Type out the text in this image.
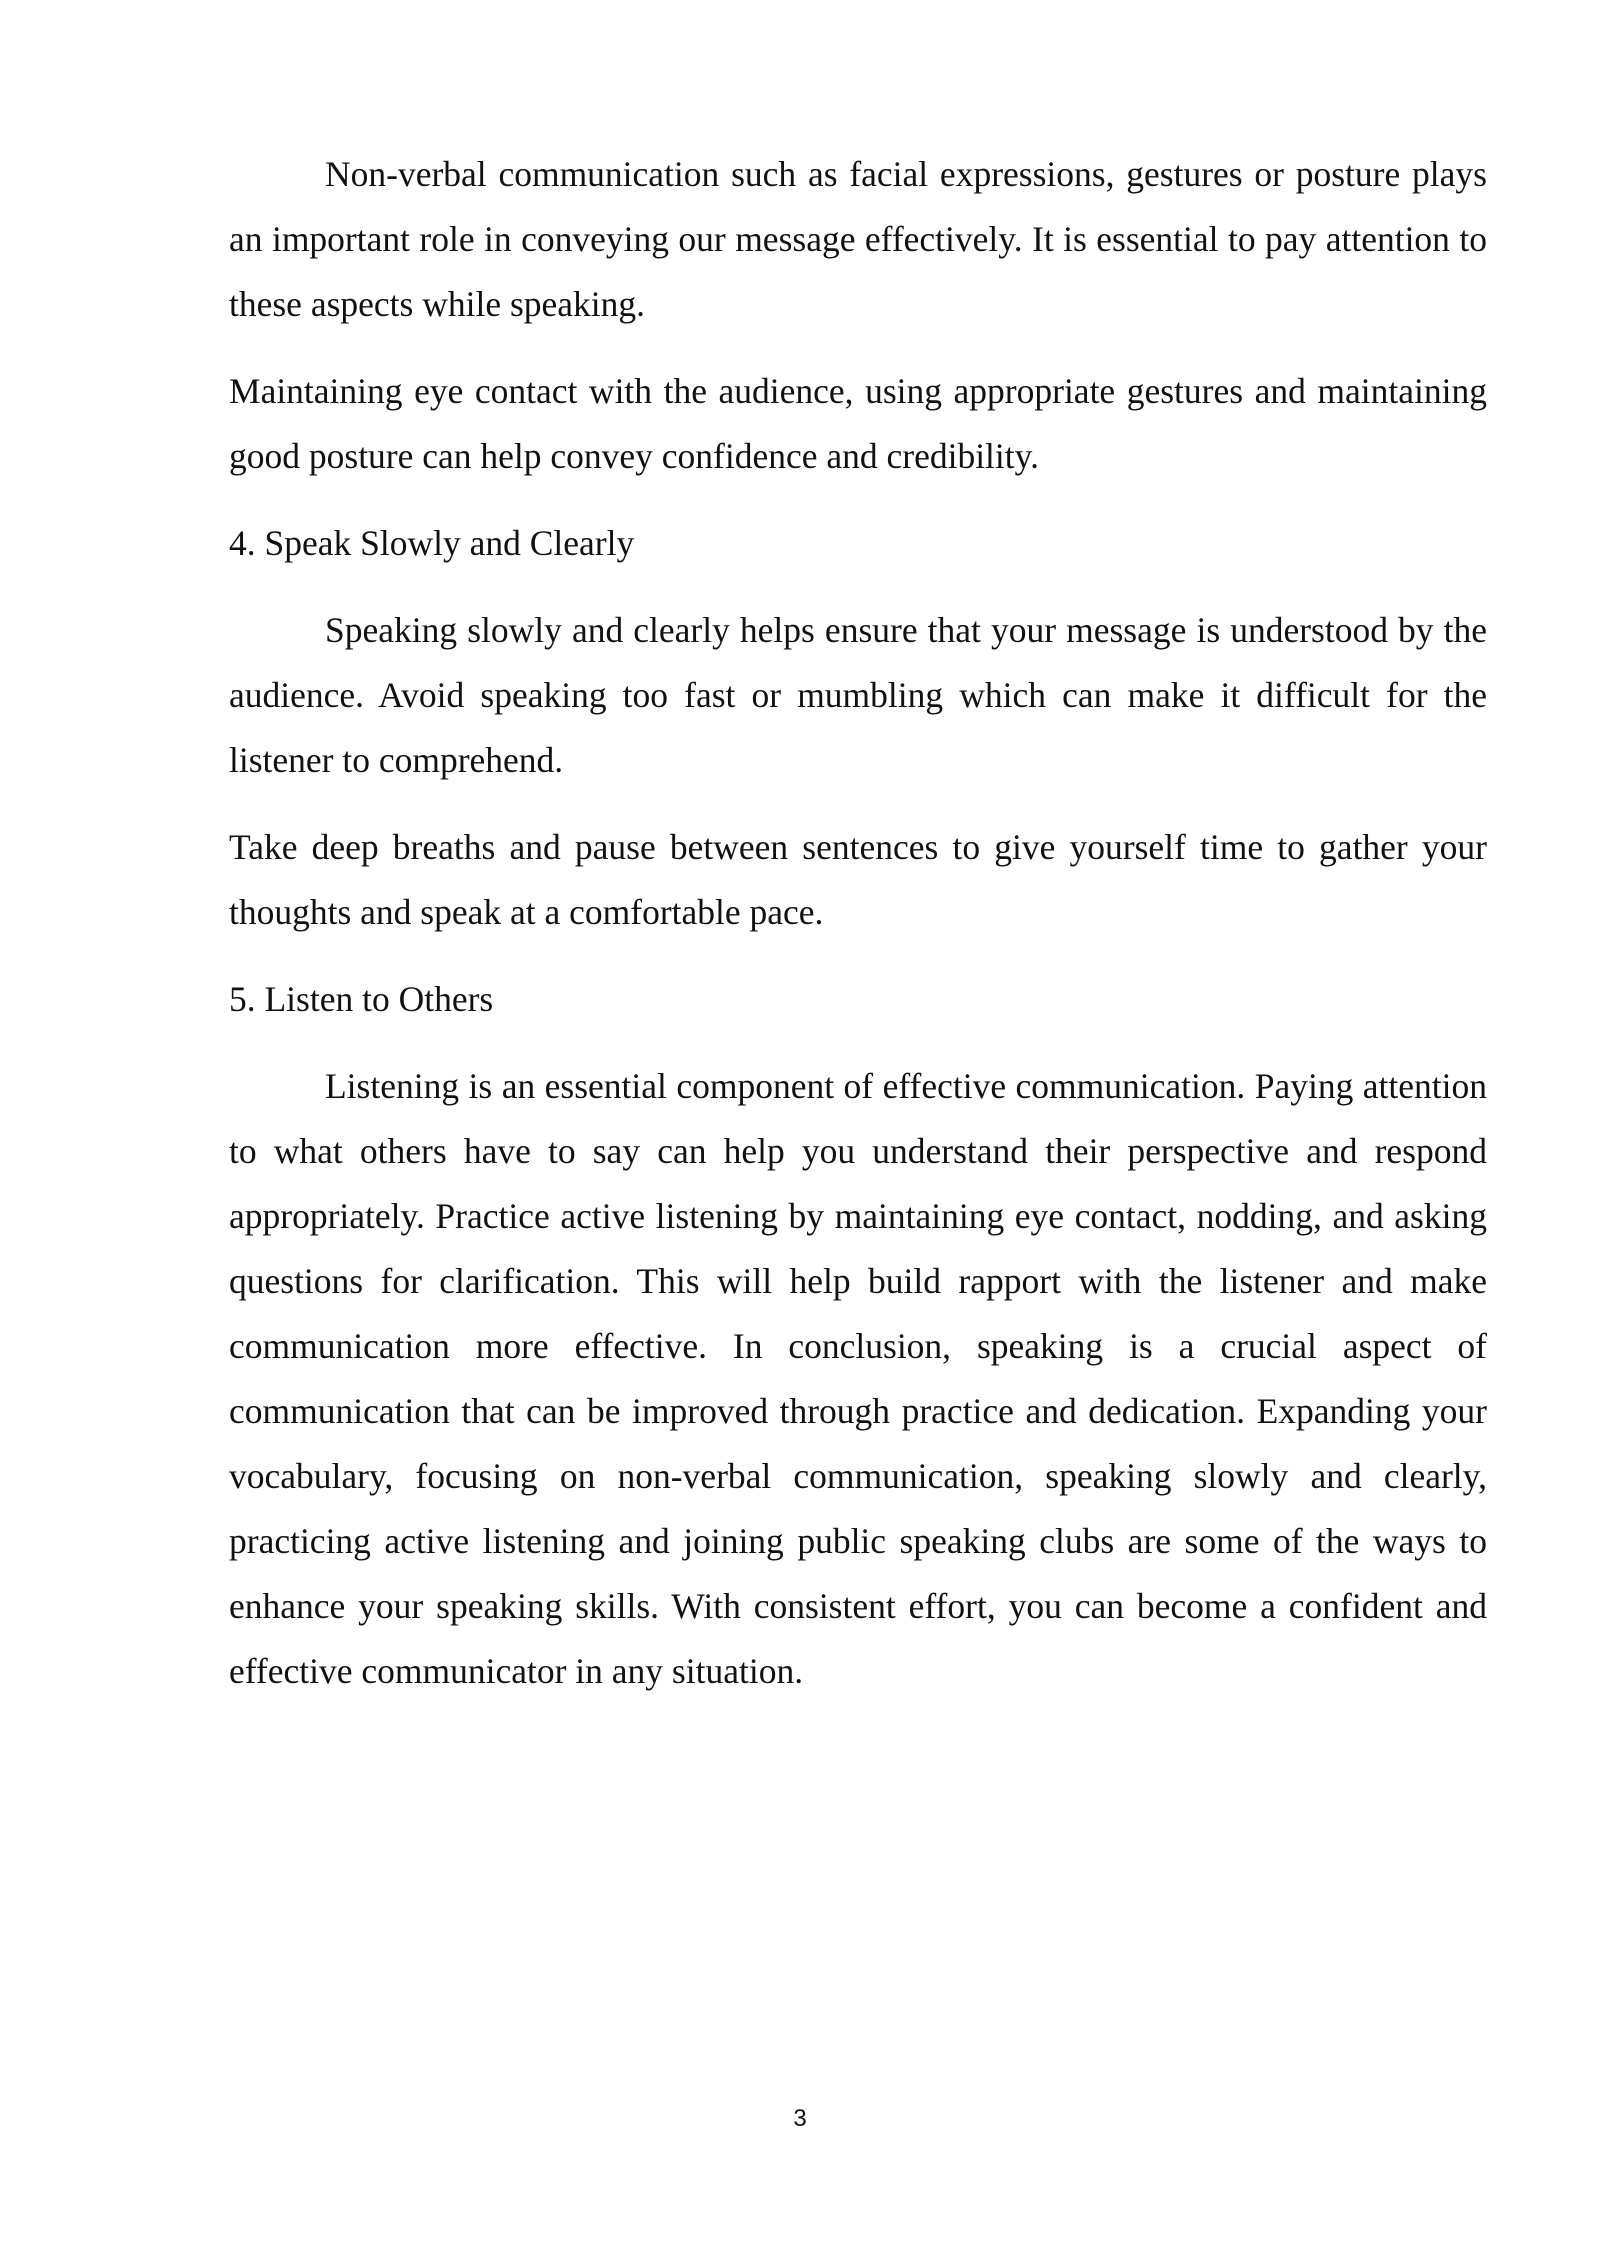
Non-verbal communication such as facial expressions, gestures or posture plays an important role in conveying our message effectively. It is essential to pay attention to these aspects while speaking.

Maintaining eye contact with the audience, using appropriate gestures and maintaining good posture can help convey confidence and credibility.

4. Speak Slowly and Clearly

Speaking slowly and clearly helps ensure that your message is understood by the audience. Avoid speaking too fast or mumbling which can make it difficult for the listener to comprehend.

Take deep breaths and pause between sentences to give yourself time to gather your thoughts and speak at a comfortable pace.

5. Listen to Others

Listening is an essential component of effective communication. Paying attention to what others have to say can help you understand their perspective and respond appropriately. Practice active listening by maintaining eye contact, nodding, and asking questions for clarification. This will help build rapport with the listener and make communication more effective. In conclusion, speaking is a crucial aspect of communication that can be improved through practice and dedication. Expanding your vocabulary, focusing on non-verbal communication, speaking slowly and clearly, practicing active listening and joining public speaking clubs are some of the ways to enhance your speaking skills. With consistent effort, you can become a confident and effective communicator in any situation.

3
